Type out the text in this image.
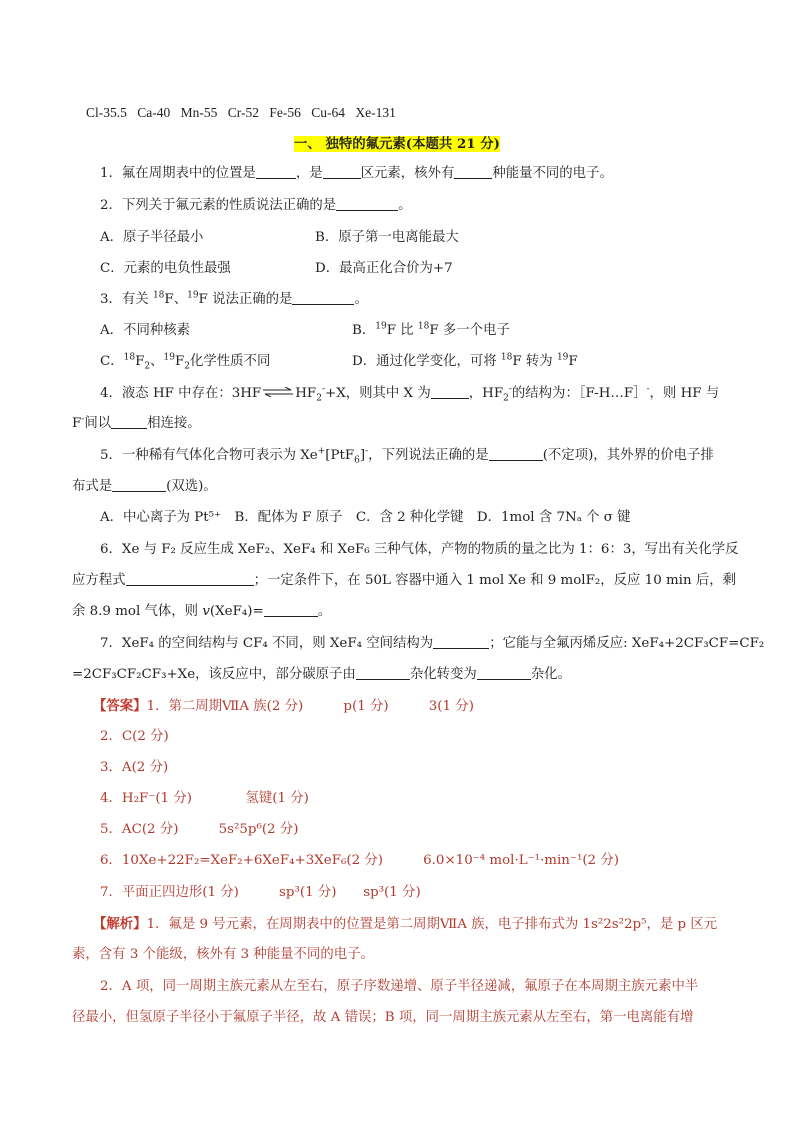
Cl-35.5 Ca-40 Mn-55 Cr-52 Fe-56 Cu-64 Xe-131
一、 独特的氟元素(本题共 21 分)
1．氟在周期表中的位置是	，是	区元素，核外有	种能量不同的电子。
2．下列关于氟元素的性质说法正确的是	。
A．原子半径最小	B．原子第一电离能最大
C．元素的电负性最强	D．最高正化合价为+7
3．有关 $^{18}$F、$^{19}$F 说法正确的是	。
A．不同种核素	B．$^{19}$F 比 $^{18}$F 多一个电子
C．$^{18}F_2$、$^{19}F_2$化学性质不同	D．通过化学变化，可将 $^{18}$F 转为 $^{19}$F
4．液态 HF 中存在：$3HF\rightleftharpoons HF_2^-+X$，则其中 X 为	，$HF_2^-$的结构为：［F-H…F］-，则 HF 与
F-间以	相连接。
5．一种稀有气体化合物可表示为 Xe+[PtF$_6$]-，下列说法正确的是	(不定项)，其外界的价电子排
布式是	(双选)。
A．中心离子为 Pt⁵⁺　B．配体为 F 原子　C．含 2 种化学键　D．1mol 含 7Nₐ 个 σ 键
6．Xe 与 F₂ 反应生成 XeF₂、XeF₄ 和 XeF₆ 三种气体，产物的物质的量之比为 1：6：3，写出有关化学反
应方程式	；一定条件下，在 50L 容器中通入 1 mol Xe 和 9 molF₂，反应 10 min 后，剩
余 8.9 mol 气体，则 v(XeF₄)=	。
7．XeF₄ 的空间结构与 CF₄ 不同，则 XeF₄ 空间结构为	；它能与全氟丙烯反应: XeF₄+2CF₃CF=CF₂
=2CF₃CF₂CF₃+Xe，该反应中，部分碳原子由	杂化转变为	杂化。
【答案】1．第二周期ⅦA 族(2 分)　　　p(1 分)　　　3(1 分)
2．C(2 分)
3．A(2 分)
4．H₂F⁻(1 分)　　　　氢键(1 分)
5．AC(2 分)　　　5s²5p⁶(2 分)
6．10Xe+22F₂=XeF₂+6XeF₄+3XeF₆(2 分)　　　6.0×10⁻⁴ mol·L⁻¹·min⁻¹(2 分)
7．平面正四边形(1 分)　　　sp³(1 分)　　sp³(1 分)
【解析】1．氟是 9 号元素，在周期表中的位置是第二周期ⅦA 族，电子排布式为 1s²2s²2p⁵，是 p 区元
素，含有 3 个能级，核外有 3 种能量不同的电子。
2．A 项，同一周期主族元素从左至右，原子序数递增、原子半径递减，氟原子在本周期主族元素中半
径最小，但氢原子半径小于氟原子半径，故 A 错误；B 项，同一周期主族元素从左至右，第一电离能有增
